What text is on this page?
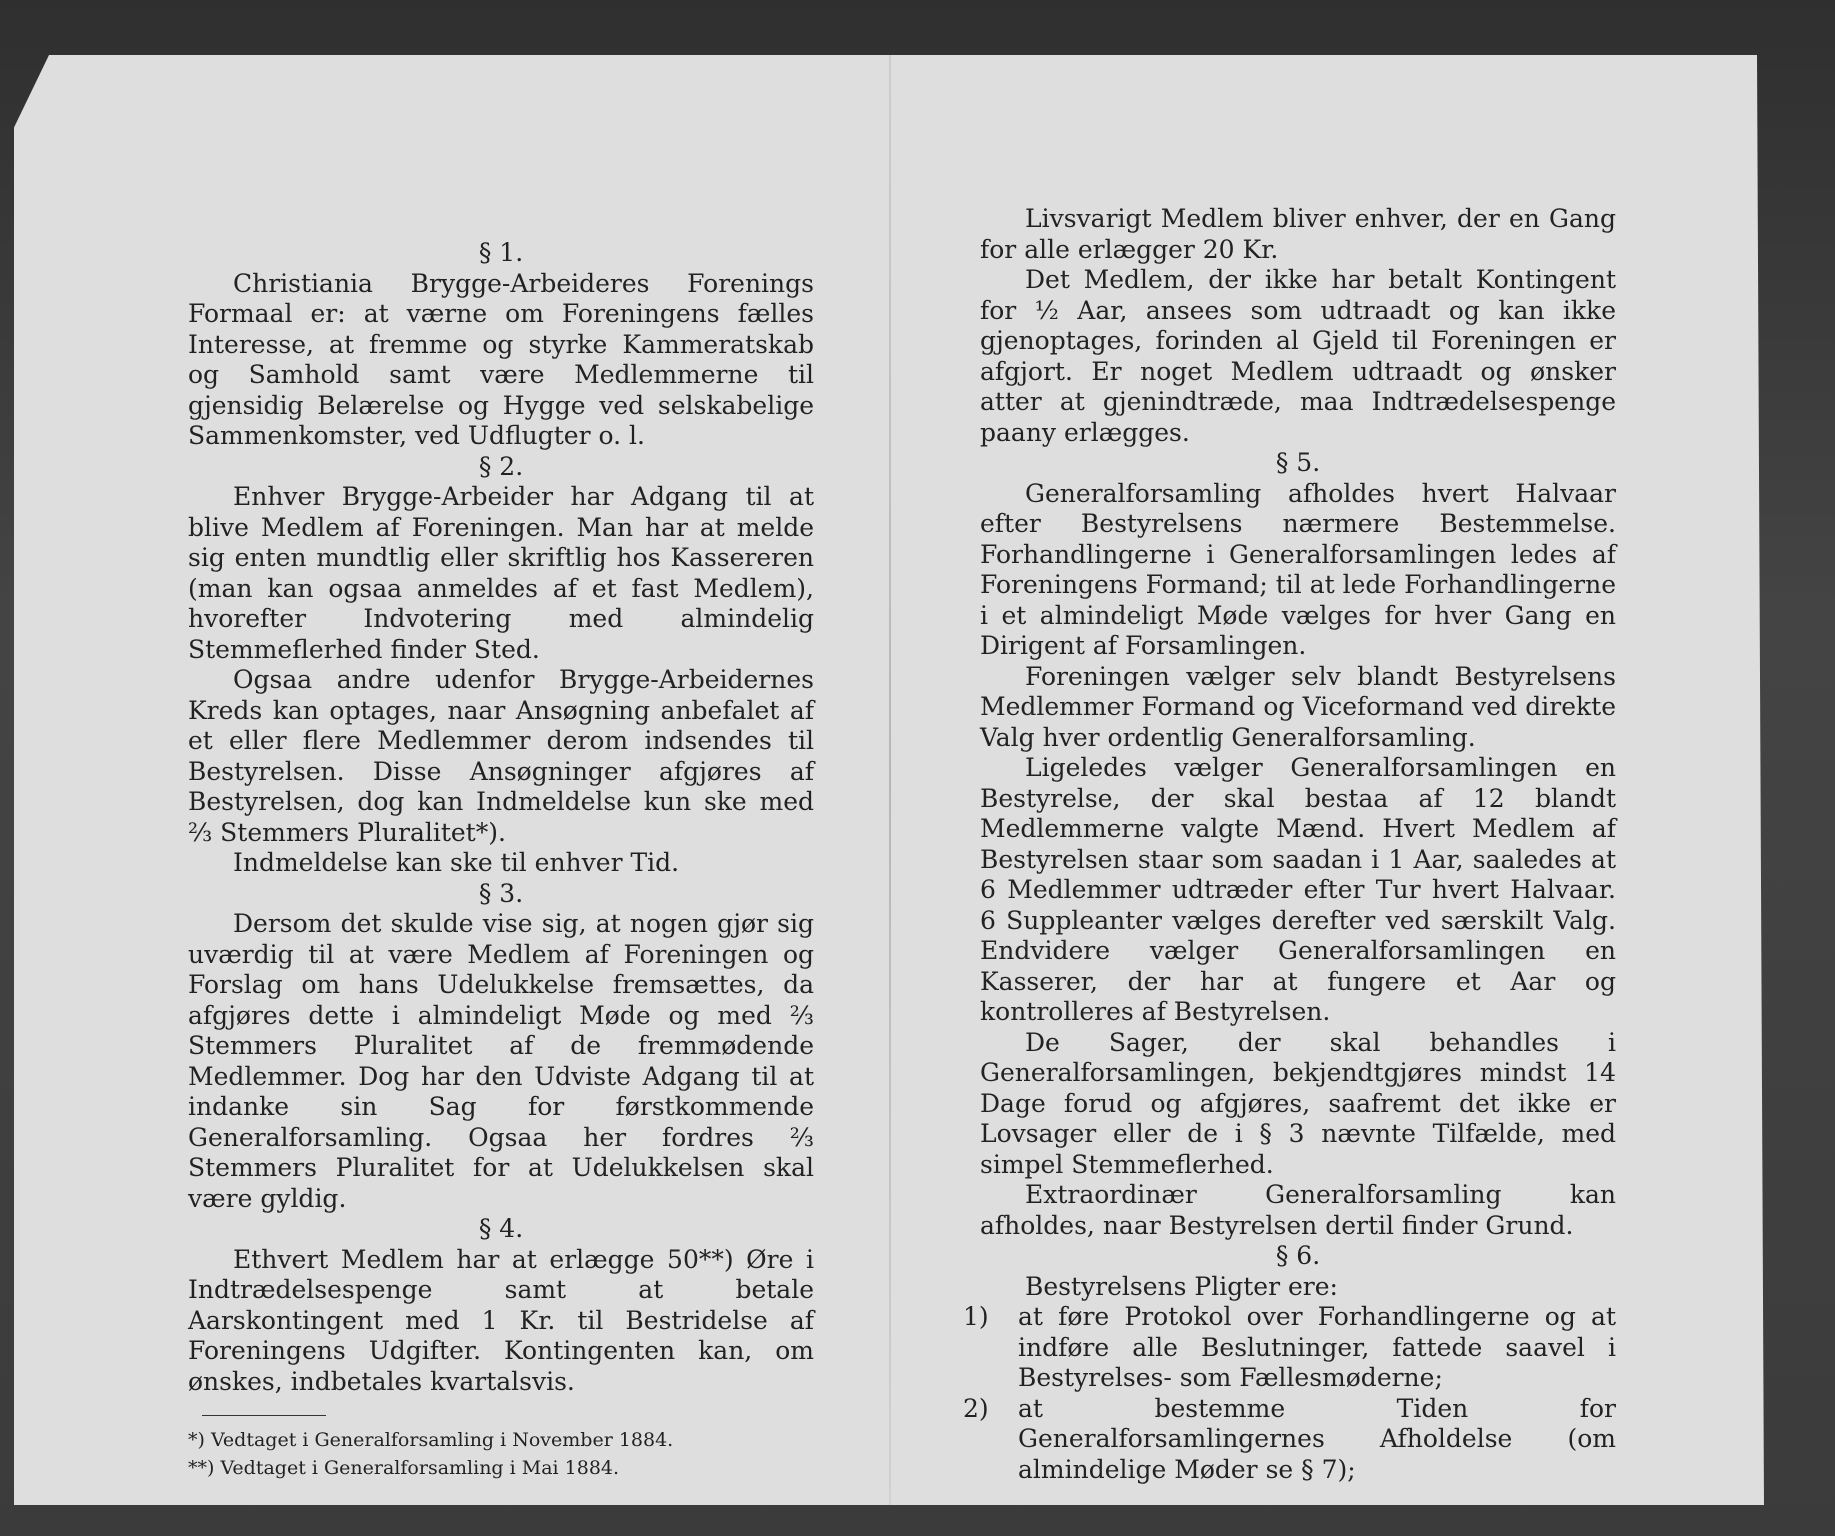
§ 1.

Christiania Brygge-Arbeideres Forenings Formaal er: at værne om Foreningens fælles Interesse, at fremme og styrke Kammeratskab og Samhold samt være Medlemmerne til gjensidig Belærelse og Hygge ved selskabelige Sammenkomster, ved Udflugter o. l.

§ 2.

Enhver Brygge-Arbeider har Adgang til at blive Medlem af Foreningen. Man har at melde sig enten mundtlig eller skriftlig hos Kassereren (man kan ogsaa anmeldes af et fast Medlem), hvorefter Indvotering med almindelig Stemmeflerhed finder Sted.

Ogsaa andre udenfor Brygge-Arbeidernes Kreds kan optages, naar Ansøgning anbefalet af et eller flere Medlemmer derom indsendes til Bestyrelsen. Disse Ansøgninger afgjøres af Bestyrelsen, dog kan Indmeldelse kun ske med ⅔ Stemmers Pluralitet*).

Indmeldelse kan ske til enhver Tid.

§ 3.

Dersom det skulde vise sig, at nogen gjør sig uværdig til at være Medlem af Foreningen og Forslag om hans Udelukkelse fremsættes, da afgjøres dette i almindeligt Møde og med ⅔ Stemmers Pluralitet af de fremmødende Medlemmer. Dog har den Udviste Adgang til at indanke sin Sag for førstkommende Generalforsamling. Ogsaa her fordres ⅔ Stemmers Pluralitet for at Udelukkelsen skal være gyldig.

§ 4.

Ethvert Medlem har at erlægge 50**) Øre i Indtrædelsespenge samt at betale Aarskontingent med 1 Kr. til Bestridelse af Foreningens Udgifter. Kontingenten kan, om ønskes, indbetales kvartalsvis.

*) Vedtaget i Generalforsamling i November 1884.

**) Vedtaget i Generalforsamling i Mai 1884.

Livsvarigt Medlem bliver enhver, der en Gang for alle erlægger 20 Kr.

Det Medlem, der ikke har betalt Kontingent for ½ Aar, ansees som udtraadt og kan ikke gjenoptages, forinden al Gjeld til Foreningen er afgjort. Er noget Medlem udtraadt og ønsker atter at gjenindtræde, maa Indtrædelsespenge paany erlægges.

§ 5.

Generalforsamling afholdes hvert Halvaar efter Bestyrelsens nærmere Bestemmelse. Forhandlingerne i Generalforsamlingen ledes af Foreningens Formand; til at lede Forhandlingerne i et almindeligt Møde vælges for hver Gang en Dirigent af Forsamlingen.

Foreningen vælger selv blandt Bestyrelsens Medlemmer Formand og Viceformand ved direkte Valg hver ordentlig Generalforsamling.

Ligeledes vælger Generalforsamlingen en Bestyrelse, der skal bestaa af 12 blandt Medlemmerne valgte Mænd. Hvert Medlem af Bestyrelsen staar som saadan i 1 Aar, saaledes at 6 Medlemmer udtræder efter Tur hvert Halvaar. 6 Suppleanter vælges derefter ved særskilt Valg. Endvidere vælger Generalforsamlingen en Kasserer, der har at fungere et Aar og kontrolleres af Bestyrelsen.

De Sager, der skal behandles i Generalforsamlingen, bekjendtgjøres mindst 14 Dage forud og afgjøres, saafremt det ikke er Lovsager eller de i § 3 nævnte Tilfælde, med simpel Stemmeflerhed.

Extraordinær Generalforsamling kan afholdes, naar Bestyrelsen dertil finder Grund.

§ 6.

Bestyrelsens Pligter ere:

1) at føre Protokol over Forhandlingerne og at indføre alle Beslutninger, fattede saavel i Bestyrelses- som Fællesmøderne;

2) at bestemme Tiden for Generalforsamlingernes Afholdelse (om almindelige Møder se § 7);
